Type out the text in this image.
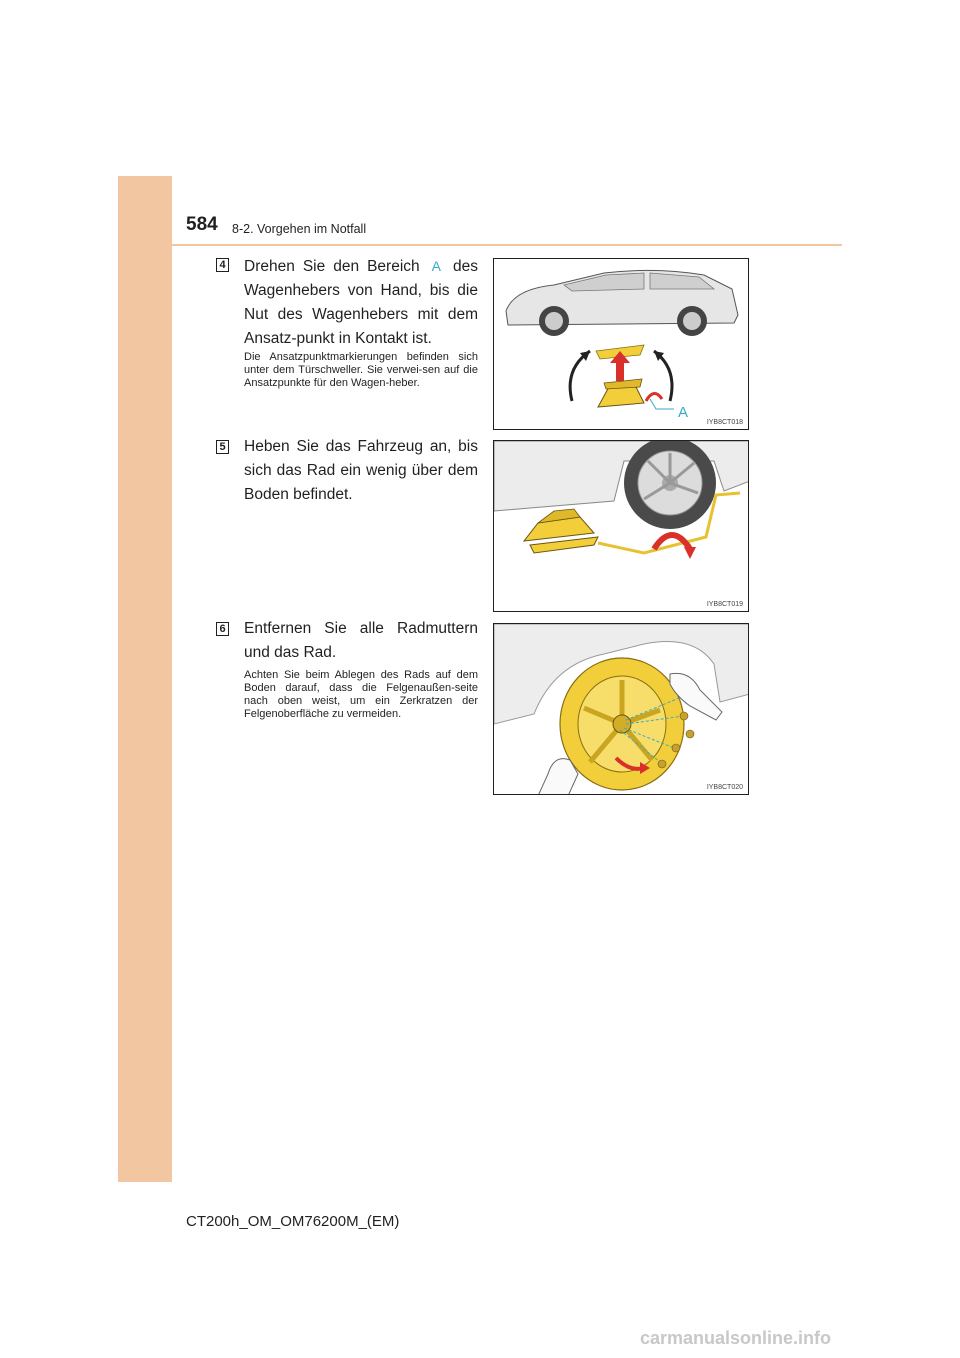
584 8-2. Vorgehen im Notfall
4 Drehen Sie den Bereich A des Wagenhebers von Hand, bis die Nut des Wagenhebers mit dem Ansatz-punkt in Kontakt ist.
Die Ansatzpunktmarkierungen befinden sich unter dem Türschweller. Sie verwei-sen auf die Ansatzpunkte für den Wagen-heber.
A
IYB8CT018
5 Heben Sie das Fahrzeug an, bis sich das Rad ein wenig über dem Boden befindet.
IYB8CT019
6 Entfernen Sie alle Radmuttern und das Rad.
Achten Sie beim Ablegen des Rads auf dem Boden darauf, dass die Felgenaußen-seite nach oben weist, um ein Zerkratzen der Felgenoberfläche zu vermeiden.
IYB8CT020
CT200h_OM_OM76200M_(EM)
carmanualsonline.info
